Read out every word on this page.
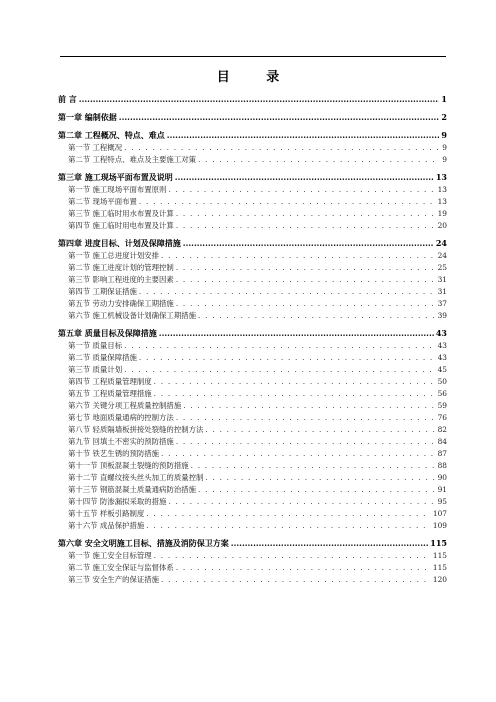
目 录
前 言 .....	1
第一章 编制依据 .....	2
第二章 工程概况、特点、难点 .....	9
第一节 工程概况 . . .	9
第二节 工程特点、难点及主要施工对策 . . .	9
第三章 施工现场平面布置及说明 .....	13
第一节 施工现场平面布置原则 . . .	13
第二节 现场平面布置 . . .	13
第三节 施工临时用水布置及计算 . . .	19
第四节 施工临时用电布置及计算 . . .	20
第四章 进度目标、计划及保障措施 .....	24
第一节 施工总进度计划安排 . . .	24
第二节 施工进度计划的管理控制 . . .	25
第三节 影响工程进度的主要因素 . . .	31
第四节 工期保证措施 . . .	31
第五节 劳动力安排确保工期措施 . . .	37
第六节 施工机械设备计划确保工期措施 . . .	39
第五章 质量目标及保障措施 .....	43
第一节 质量目标 . . .	43
第二节 质量保障措施 . . .	43
第三节 质量计划 . . .	45
第四节 工程质量管理制度 . . .	50
第五节 工程质量管理措施 . . .	56
第六节 关键分项工程质量控制措施 . . .	59
第七节 地面质量通病的控制方法 . . .	76
第八节 轻质隔墙板拼接处裂缝的控制方法 . . .	82
第九节 回填土不密实的预防措施 . . .	84
第十节 铁艺生锈的预防措施 . . .	87
第十一节 顶板混凝土裂缝的预防措施 . . .	88
第十二节 直螺纹接头丝头加工的质量控制 . . .	90
第十三节 钢筋混凝土质量通病防治措施 . . .	91
第十四节 防渗漏拟采取的措施 . . .	95
第十五节 样板引路制度 . . .	107
第十六节 成品保护措施 . . .	109
第六章 安全文明施工目标、措施及消防保卫方案 .....	115
第一节 施工安全目标管理 . . .	115
第二节 施工安全保证与监督体系 . . .	115
第三节 安全生产的保证措施 . . .	120
